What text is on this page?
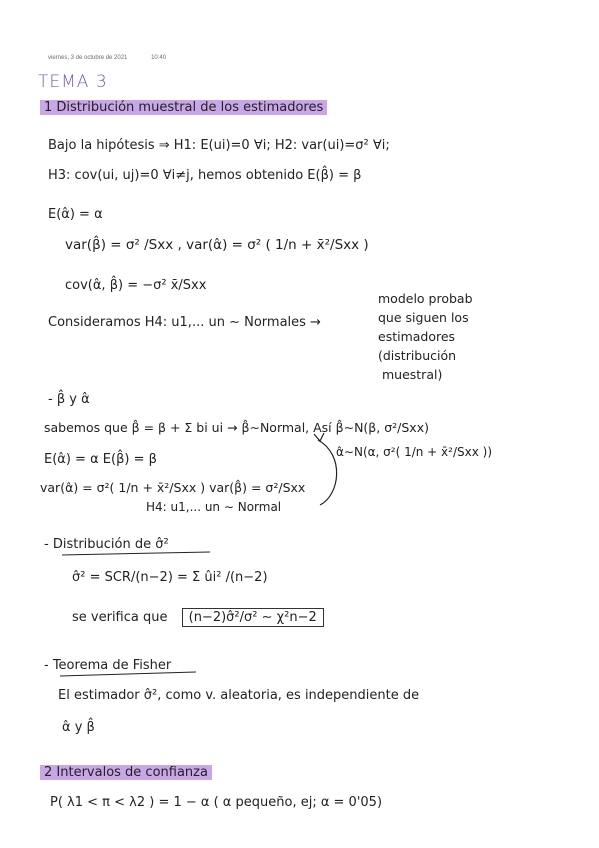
viernes, 3 de octubre de 2021	10:40
TEMA 3
1 Distribución muestral de los estimadores
Bajo la hipótesis ⇒ H1: E(ui)=0 ∀i; H2: var(ui)=σ² ∀i;
H3: cov(ui, uj)=0 ∀i≠j, hemos obtenido E(β̂) = β
E(α̂) = α
var(β̂) = σ² /Sxx , var(α̂) = σ² ( 1/n + x̄²/Sxx )
cov(α̂, β̂) = −σ² x̄/Sxx
Consideramos H4: u1,... un ∼ Normales →
modelo probab
que siguen los
estimadores
(distribución
muestral)
- β̂ y α̂
sabemos que β̂ = β + Σ bi ui → β̂∼Normal, Así β̂∼N(β, σ²/Sxx)
α̂∼N(α, σ²( 1/n + x̄²/Sxx ))
E(α̂) = α E(β̂) = β
var(α̂) = σ²( 1/n + x̄²/Sxx ) var(β̂) = σ²/Sxx
H4: u1,... un ∼ Normal
- Distribución de σ̂²
σ̂² = SCR/(n−2) = Σ ûi² /(n−2)
se verifica que (n−2)σ̂²/σ² ∼ χ²n−2
- Teorema de Fisher
El estimador σ̂², como v. aleatoria, es independiente de
α̂ y β̂
2 Intervalos de confianza
P( λ1 < π < λ2 ) = 1 − α ( α pequeño, ej; α = 0'05)
